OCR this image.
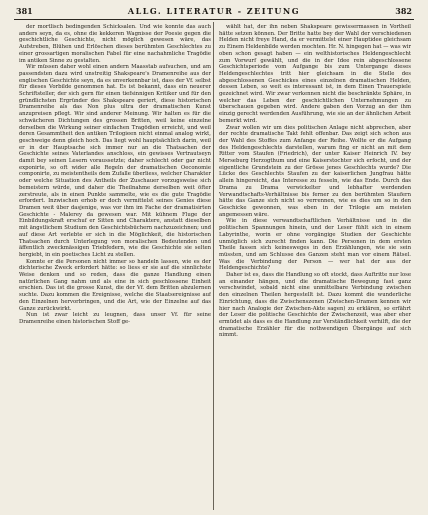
381	ALLG. LITERATUR - ZEITUNG	382

der mortlisch bedingenden Schicksalen. Und wie konnte das auch anders seyn, da es, ohne die kekkeren Wagnisse der Poesie gegen die geschichtliche Geschichte, nicht möglich gewesen wäre, das Aufstreben, Blühen und Erlöschen dieses berühmten Geschlechtes zu einer grossartigen moralischen Fabel für eine nachahmliche Tragödie im antiken Sinne zu gestalten.

Wir müssen daher wohl einen andern Maasstab aufsuchen, und am passendsten dazu wird unstreitig Shakspeare's Dramenreihe aus der englischen Geschichte seyn, da es unverkennbar ist, dass der Vf. selbst für dieses Vorbilde genommen hat. Es ist bekannt, dass ein neuerer Schriftsteller, der sich gern für einen tiefsinnigen Kritiker und für den gründlichsten Ergründer des Shakspeare geriert, diese historischen Dramenreihe als das Non plus ultra der dramatischen Kunst anzupreisen pflegt. Wir sind anderer Meinung. Wir halten es für die schwächeren Dichtungen des grossen Britten, weil keine einzelne derselben die Wirkung seiner einfachen Tragödien erreicht, und weil deren Gesammtheit den antiken Trilogieen nicht einmal analog wirkt, geschweige denn gleich hoch. Das liegt wohl hauptsächlich darin, weil er in der Hauptsache sich immer nur an die Thatsachen der Geschichte seines Vaterlandes anschloss, ein gewisses Vertrautseyn damit bey seinen Lesern voraussetzte; daher schlecht oder gar nicht exponirte, so oft wider alle Regeln der dramatischen Oeconomie componirte, zu meistentheils dem Zufalle überliess, welcher Charakter oder welche Situation des Antheils der Zuschauer vorzugsweise sich bemeistern würde, und daher die Theilnahme derselben weit öfter zerstreute, als in einen Punkte sammelte, wie es die gute Tragödie erfordert. Inzwischen erhob er doch vermittelst seines Genies diese Dramen weit über dasjenige, was vor ihm im Fache der dramatisirten Geschichte - Malerey da gewesen war. Mit kühnem Fluge der Einbildungskraft erschuf er Sitten und Charaktere, anstatt dieselben mit ängstlichem Studium den Geschichtsbüchern nachzuzeichnen; und auf diese Art verlebte er sich in die Möglichkeit, die historischen Thatsachen durch Unterlegung von moralischen Bedeutenden und äffentlich zweckmässigen Triebfedern, wie die Geschichte sie selten hergiebt, in ein poetisches Licht zu stellen.

Konnte er die Personen nicht immer so handeln lassen, wie es der dichterische Zweck erfordert hätte: so liess er sie auf die sinnlichste Weise denken und so reden, dass die ganze Handlung einen natürlichen Gang nahm und als eine in sich geschlossene Einheit erschien. Das ist die grosse Kunst, die der Vf. dem Britten abzulernen suchte. Dazu kommen die Ereignisse, welche die Staatsereignisse auf den Einzelnen hervorbringen, und die Art, wie der Einzelne auf das Ganze zurückwirkt.

Nun ist zwar leicht zu leugnen, dass unser Vf. für seine Dramenreihe einen historischen Stoff ge-

wählt hat, der ihn neben Shakspeare gewissermassen in Vortheil hätte setzen können. Der Britte hatte bey der Wahl der verschiedenen Helden nicht freye Hand, da er vermittelst einer Hauptidee gleichsam zu Einem Heldenbilde werden mochten. Hr. N. hingegen hat — was wir oben schon gesagt haben — ein welthistorisches Heldengeschlecht zum Vorwurf gewählt, und die in der Idee rein abgeschlossene Geschichtsperiode vom Aufgange bis zum Untergange dieses Heldengeschlechtes tritt hier gleichsam in die Stelle des abgeschlossenen Geschickes eines einzelnen dramatischen Helden, dessen Leben, so weit es interessant ist, in dem Einen Trauerspiele gezeichnet wird. Wir zwar verkennen nicht die beschränkte Sphäre, in welcher das Leben der geschichtlichen Unternehmungen zu überschauen gegeben wird. Andere gaben den Vorzug an der ihm einzig gerecht werdenden Ausführung, wie sie an der ähnlichen Arbeit bemerkt wird.

Zwar wollen wir um dies politischen Anlage nicht abprechen, aber der rechte dramatische Takt fehlt offenbar. Das zeigt sich schon aus der Wahl des Stoffes zum Anfange der Reihe. Wollte er die Aufgang des Heldengeschlechts darstellen, warum fing er nicht an mit dem Ritter vom Staufen (Friedrich), der unter Kaiser Heinrich IV. bey Merseburg Herzogthum und eine Kaiserstochter sich erfocht, und der eigentliche Grundstein zu der Grösse jenes Geschlechts wurde? Die Lücke des Geschlechts Staufen zu der kaiserlichen Jungfrau hätte allein hingereicht, das Interesse zu fesseln, wie das Ende. Durch das Drama zu Drama verwickelter und lebhafter werdenden Verwandtschafts-Verhältnisse bis ferner zu den berühmten Staufern hätte das Ganze sich nicht so verrennen, wie es dies um so in den Geschicke gewonnen, was eben in der Trilogie am meisten angemessen wäre.

Wie in diese verwandtschaftlichen Verhältnisse und in die politischen Spannungen hinein, und der Leser fühlt sich in einem Labyrinthe, worin er ohne vorgängige Studien der Geschichte unmöglich sich zurecht finden kann. Die Personen in dem ersten Theile fassen sich keinesweges in den Erzählungen, wie sie sein müssten, und am Schlusse des Ganzen steht man vor einem Rätsel. Was die Verbindung der Person — wer hat der aus der Heldengeschichte?

Daher ist es, dass die Handlung so oft stockt, dass Auftritte nur lose an einander hängen, und die dramatische Bewegung fast ganz verschwindet, sobald nicht eine unmittelbare Verbindung zwischen den einzelnen Theilen hergestellt ist. Dazu kommt die wunderliche Einrichtung, dass die Zwischenszenen (Zwischen-Dramen kennen wir hier nach Analogie der Zwischen-Akte sagen) zu erklären, so erfährt der Leser die politische Geschichte der Zwischenzeit, was aber eher ermüdet als dass es die Handlung zur Verständlichkeit verhilft, die der dramatische Erzähler für die nothwendigen Übergänge auf sich nimmt.
